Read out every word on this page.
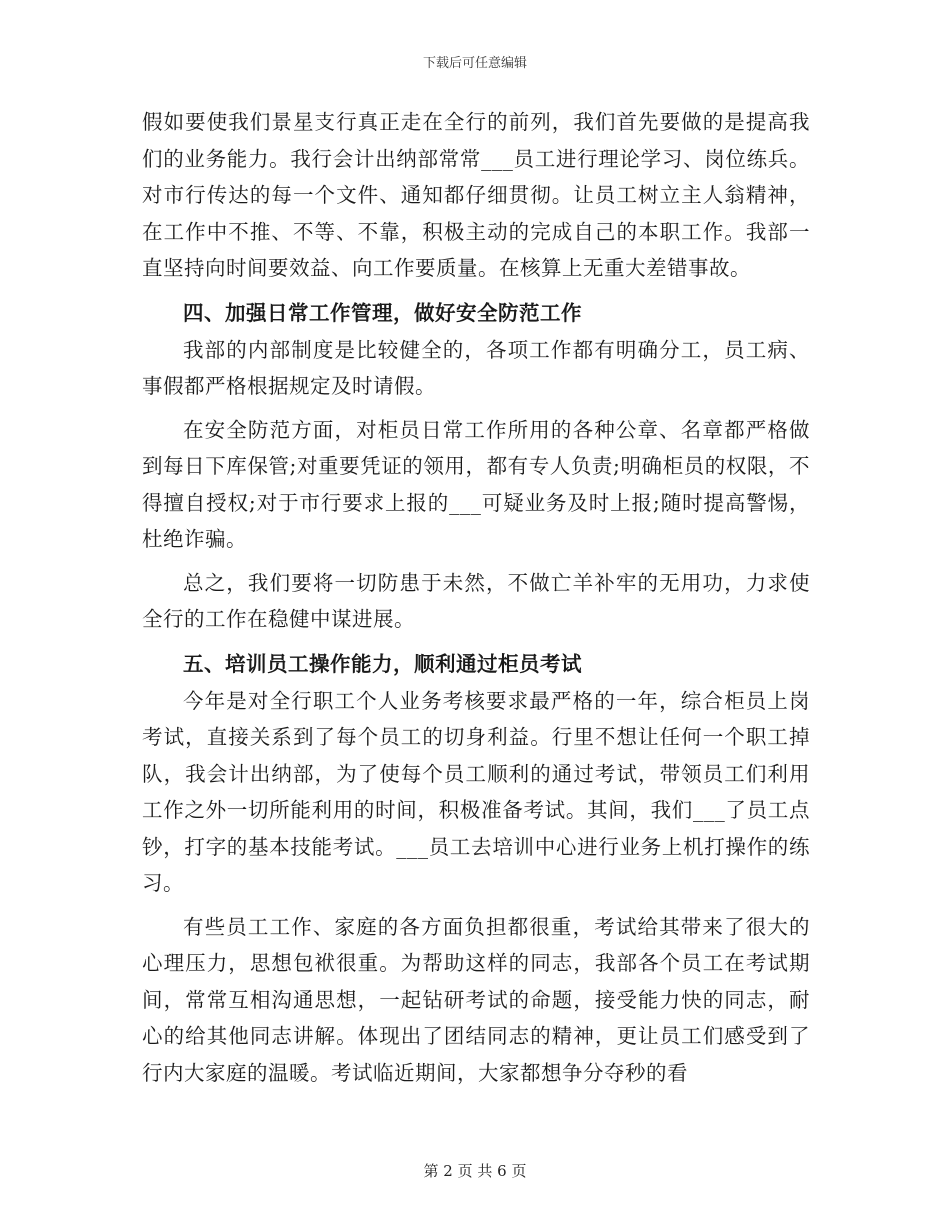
下载后可任意编辑

假如要使我们景星支行真正走在全行的前列，我们首先要做的是提高我们的业务能力。我行会计出纳部常常___员工进行理论学习、岗位练兵。对市行传达的每一个文件、通知都仔细贯彻。让员工树立主人翁精神，在工作中不推、不等、不靠，积极主动的完成自己的本职工作。我部一直坚持向时间要效益、向工作要质量。在核算上无重大差错事故。

四、加强日常工作管理，做好安全防范工作

我部的内部制度是比较健全的，各项工作都有明确分工，员工病、事假都严格根据规定及时请假。

在安全防范方面，对柜员日常工作所用的各种公章、名章都严格做到每日下库保管;对重要凭证的领用，都有专人负责;明确柜员的权限，不得擅自授权;对于市行要求上报的___可疑业务及时上报;随时提高警惕，杜绝诈骗。

总之，我们要将一切防患于未然，不做亡羊补牢的无用功，力求使全行的工作在稳健中谋进展。

五、培训员工操作能力，顺利通过柜员考试

今年是对全行职工个人业务考核要求最严格的一年，综合柜员上岗考试，直接关系到了每个员工的切身利益。行里不想让任何一个职工掉队，我会计出纳部，为了使每个员工顺利的通过考试，带领员工们利用工作之外一切所能利用的时间，积极准备考试。其间，我们___了员工点钞，打字的基本技能考试。___员工去培训中心进行业务上机打操作的练习。

有些员工工作、家庭的各方面负担都很重，考试给其带来了很大的心理压力，思想包袱很重。为帮助这样的同志，我部各个员工在考试期间，常常互相沟通思想，一起钻研考试的命题，接受能力快的同志，耐心的给其他同志讲解。体现出了团结同志的精神，更让员工们感受到了行内大家庭的温暖。考试临近期间，大家都想争分夺秒的看

第 2 页 共 6 页
